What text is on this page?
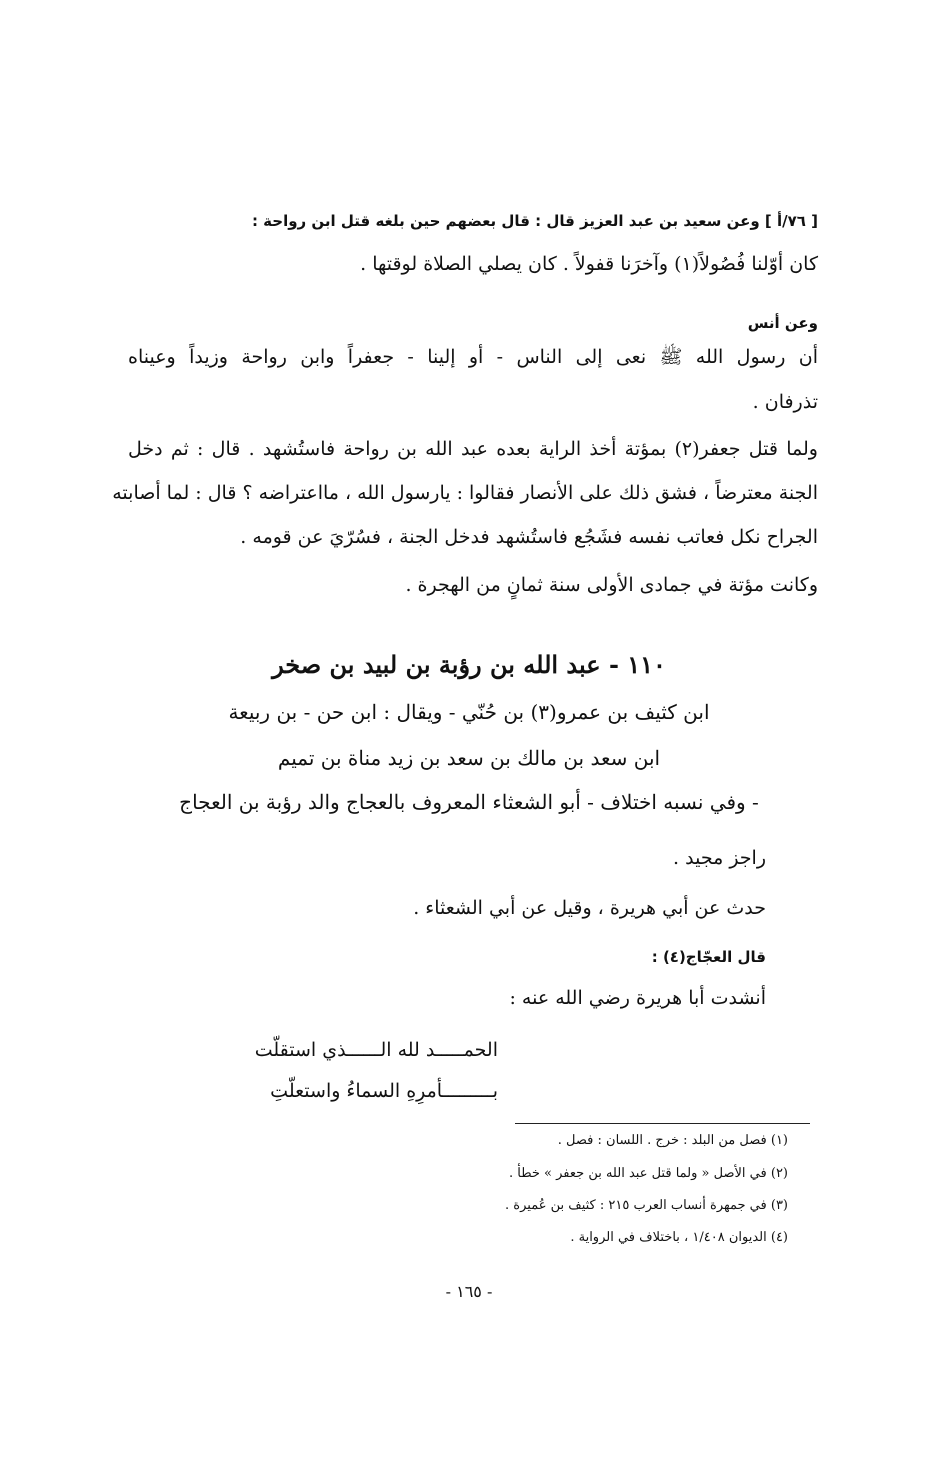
[ ٧٦/أ ] وعن سعيد بن عبد العزيز قال : قال بعضهم حين بلغه قتل ابن رواحة :
كان أوّلنا فُصُولاً(١) وآخرَنا قفولاً . كان يصلي الصلاة لوقتها .
وعن أنس
أن رسول الله ﷺ نعى إلى الناس - أو إلينا - جعفراً وابن رواحة وزيداً وعيناه
تذرفان .
ولما قتل جعفر(٢) بمؤتة أخذ الراية بعده عبد الله بن رواحة فاستُشهد . قال : ثم دخل
الجنة معترضاً ، فشق ذلك على الأنصار فقالوا : يارسول الله ، مااعتراضه ؟ قال : لما أصابته
الجراح نكل فعاتب نفسه فشَجُع فاستُشهد فدخل الجنة ، فسُرّيَ عن قومه .
وكانت مؤتة في جمادى الأولى سنة ثمانٍ من الهجرة .
١١٠ - عبد الله بن رؤبة بن لبيد بن صخر
ابن كثيف بن عمرو(٣) بن حُنّي - ويقال : ابن حن - بن ربيعة
ابن سعد بن مالك بن سعد بن زيد مناة بن تميم
- وفي نسبه اختلاف - أبو الشعثاء المعروف بالعجاج والد رؤبة بن العجاج
راجز مجيد .
حدث عن أبي هريرة ، وقيل عن أبي الشعثاء .
قال العجّاج(٤) :
أنشدت أبا هريرة رضي الله عنه :
الحمـــــد لله الــــــذي استقلّت
بـــــــــأمرِهِ السماءُ واستعلّتِ
(١) فصل من البلد : خرج . اللسان : فصل .
(٢) في الأصل « ولما قتل عبد الله بن جعفر » خطأ .
(٣) في جمهرة أنساب العرب ٢١٥ : كثيف بن عُميرة .
(٤) الديوان ١/٤٠٨ ، باختلاف في الرواية .
- ١٦٥ -
